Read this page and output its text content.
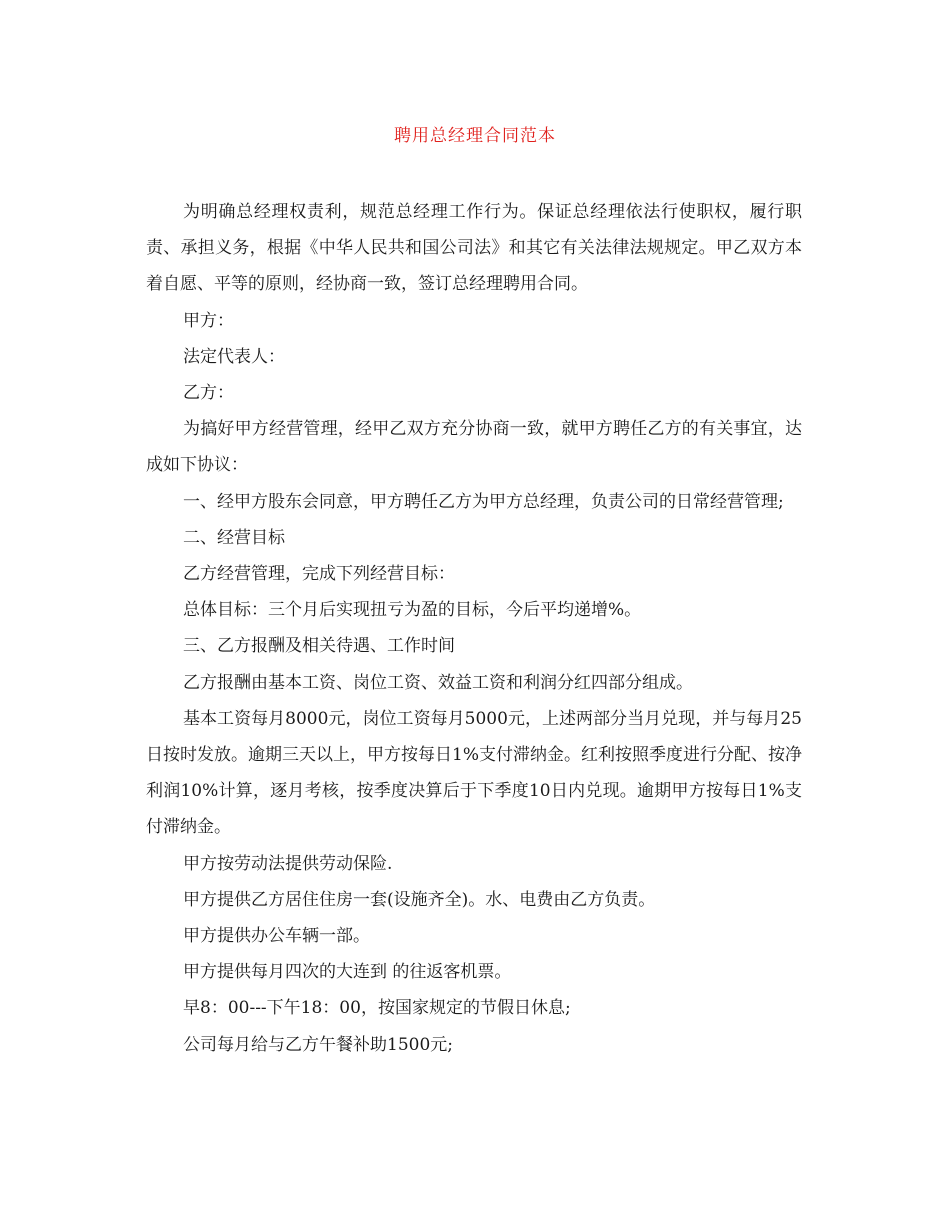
聘用总经理合同范本

为明确总经理权责利，规范总经理工作行为。保证总经理依法行使职权，履行职责、承担义务，根据《中华人民共和国公司法》和其它有关法律法规规定。甲乙双方本着自愿、平等的原则，经协商一致，签订总经理聘用合同。

甲方：

法定代表人：

乙方：

为搞好甲方经营管理，经甲乙双方充分协商一致，就甲方聘任乙方的有关事宜，达成如下协议：

一、经甲方股东会同意，甲方聘任乙方为甲方总经理，负责公司的日常经营管理;

二、经营目标

乙方经营管理，完成下列经营目标：

总体目标：三个月后实现扭亏为盈的目标，今后平均递增%。

三、乙方报酬及相关待遇、工作时间

乙方报酬由基本工资、岗位工资、效益工资和利润分红四部分组成。

基本工资每月8000元，岗位工资每月5000元，上述两部分当月兑现，并与每月25日按时发放。逾期三天以上，甲方按每日1%支付滞纳金。红利按照季度进行分配、按净利润10%计算，逐月考核，按季度决算后于下季度10日内兑现。逾期甲方按每日1%支付滞纳金。

甲方按劳动法提供劳动保险.

甲方提供乙方居住住房一套(设施齐全)。水、电费由乙方负责。

甲方提供办公车辆一部。

甲方提供每月四次的大连到 的往返客机票。

早8：00---下午18：00，按国家规定的节假日休息;

公司每月给与乙方午餐补助1500元;
